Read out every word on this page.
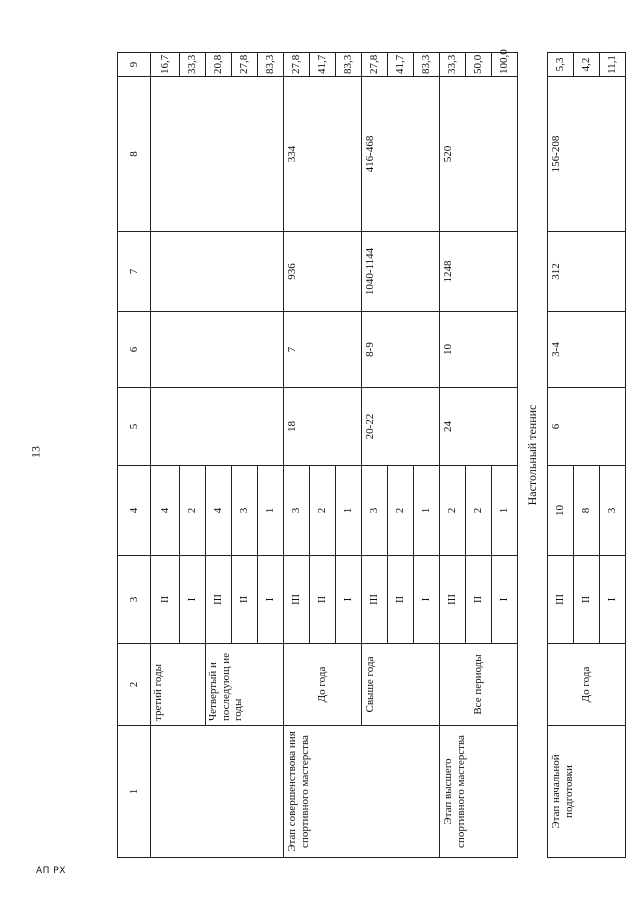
13
АП РХ
1	2	3	4	5	6	7	8	9
	третий годы	II	4					16,7
		I	2					33,3
	Четвертый и последующ ие годы	III	4					20,8
		II	3					27,8
		I	1					83,3
Этап совершенствова ния спортивного мастерства	До года	III	3	18	7	936	334	27,8
		II	2					41,7
		I	1					83,3
	Свыше года	III	3	20-22	8-9	1040-1144	416-468	27,8
		II	2					41,7
		I	1					83,3
Этап высшего спортивного мастерства	Все периоды	III	2	24	10	1248	520	33,3
		II	2					50,0
		I	1					100,0
Настольный теннис								
Этап начальной подготовки	До года	III	10	6	3-4	312	156-208	5,3
		II	8					4,2
		I	3					11,1
